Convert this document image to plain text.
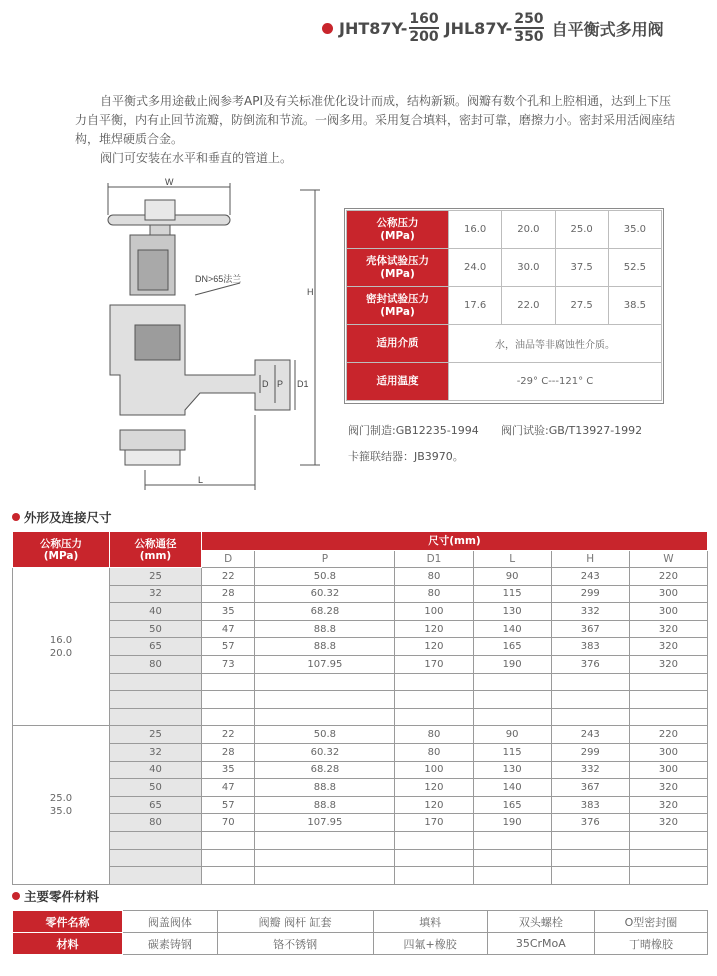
$JHT87Y- \frac{160}{200} JHL87Y- \frac{250}{350}$ 自平衡式多用阀

自平衡式多用途截止阀参考API及有关标准优化设计而成，结构新颖。阀瓣有数个孔和上腔相通，达到上下压力自平衡，内有止回节流瓣，防倒流和节流。一阀多用。采用复合填料，密封可靠，磨擦力小。密封采用活阀座结构，堆焊硬质合金。

阀门可安装在水平和垂直的管道上。

W
H
D P D1
L
DN>65法兰
公称压力
(MPa)	16.0	20.0	25.0	35.0
壳体试验压力
(MPa)	24.0	30.0	37.5	52.5
密封试验压力
(MPa)	17.6	22.0	27.5	38.5
适用介质	水，油品等非腐蚀性介质。			
适用温度	-29° C---121° C			
阀门制造:GB12235-1994	阀门试验:GB/T13927-1992
卡箍联结器：JB3970。
外形及连接尺寸
公称压力
(MPa)	公称通径
(mm)	尺寸(mm)					
		D	P	D1	L	H	W
16.0
20.0	25	22	50.8	80	90	243	220
	32	28	60.32	80	115	299	300
	40	35	68.28	100	130	332	300
	50	47	88.8	120	140	367	320
	65	57	88.8	120	165	383	320
	80	73	107.95	170	190	376	320

25.0
35.0	25	22	50.8	80	90	243	220
	32	28	60.32	80	115	299	300
	40	35	68.28	100	130	332	300
	50	47	88.8	120	140	367	320
	65	57	88.8	120	165	383	320
	80	70	107.95	170	190	376	320

主要零件材料
零件名称	阀盖阀体	阀瓣 阀杆 缸套	填料	双头螺栓	O型密封圈
材料	碳素铸钢	铬不锈钢	四氟+橡胶	35CrMoA	丁晴橡胶
